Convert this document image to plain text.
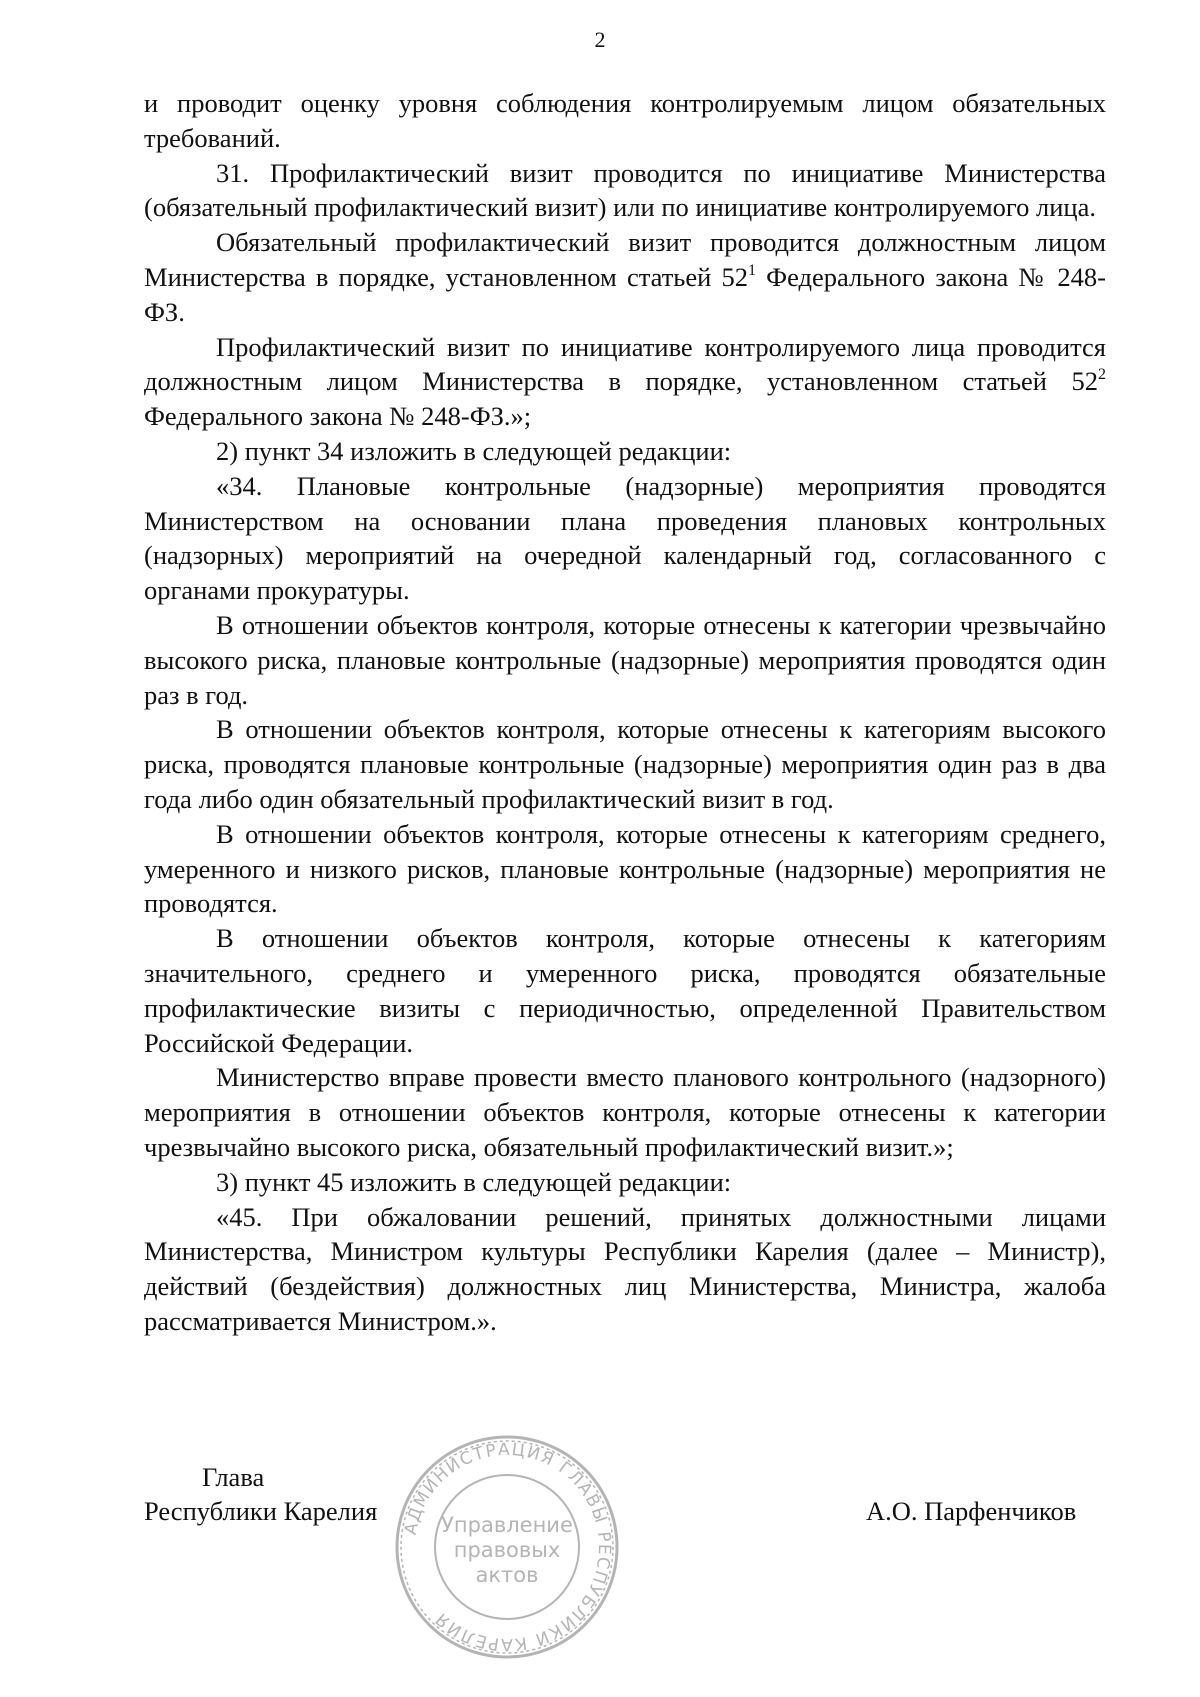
2

и проводит оценку уровня соблюдения контролируемым лицом обязательных требований.

31. Профилактический визит проводится по инициативе Министерства (обязательный профилактический визит) или по инициативе контролируемого лица.

Обязательный профилактический визит проводится должностным лицом Министерства в порядке, установленном статьей $52^1$ Федерального закона № 248-ФЗ.

Профилактический визит по инициативе контролируемого лица проводится должностным лицом Министерства в порядке, установленном статьей $52^2$ Федерального закона № 248-ФЗ.»;

2) пункт 34 изложить в следующей редакции:

«34. Плановые контрольные (надзорные) мероприятия проводятся Министерством на основании плана проведения плановых контрольных (надзорных) мероприятий на очередной календарный год, согласованного с органами прокуратуры.

В отношении объектов контроля, которые отнесены к категории чрезвычайно высокого риска, плановые контрольные (надзорные) мероприятия проводятся один раз в год.

В отношении объектов контроля, которые отнесены к категориям высокого риска, проводятся плановые контрольные (надзорные) мероприятия один раз в два года либо один обязательный профилактический визит в год.

В отношении объектов контроля, которые отнесены к категориям среднего, умеренного и низкого рисков, плановые контрольные (надзорные) мероприятия не проводятся.

В отношении объектов контроля, которые отнесены к категориям значительного, среднего и умеренного риска, проводятся обязательные профилактические визиты с периодичностью, определенной Правительством Российской Федерации.

Министерство вправе провести вместо планового контрольного (надзорного) мероприятия в отношении объектов контроля, которые отнесены к категории чрезвычайно высокого риска, обязательный профилактический визит.»;

3) пункт 45 изложить в следующей редакции:

«45. При обжаловании решений, принятых должностными лицами Министерства, Министром культуры Республики Карелия (далее – Министр), действий (бездействия) должностных лиц Министерства, Министра, жалоба рассматривается Министром.».

Глава
Республики Карелия	А.О. Парфенчиков
АДМИНИСТРАЦИЯ ГЛАВЫ РЕСПУБЛИКИ КАРЕЛИЯ
Управление
правовых
актов
